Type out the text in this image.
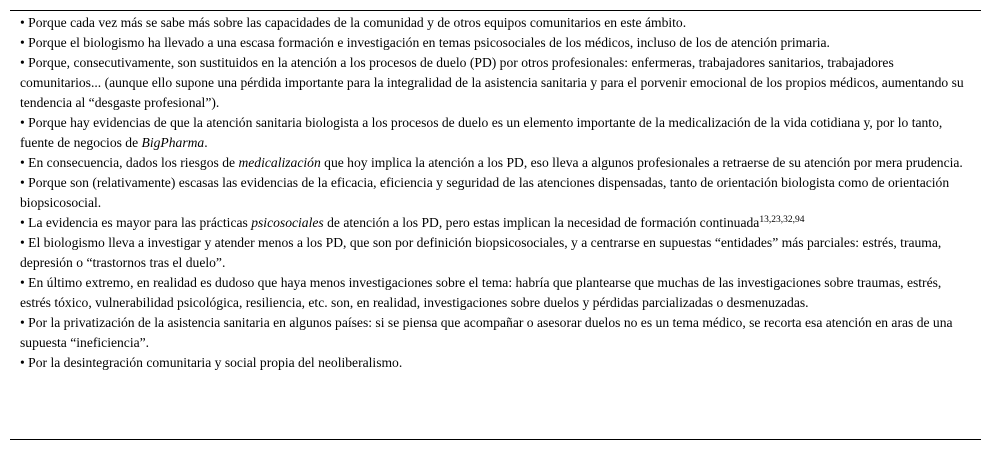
• Porque cada vez más se sabe más sobre las capacidades de la comunidad y de otros equipos comunitarios en este ámbito.

• Porque el biologismo ha llevado a una escasa formación e investigación en temas psicosociales de los médicos, incluso de los de atención primaria.

• Porque, consecutivamente, son sustituidos en la atención a los procesos de duelo (PD) por otros profesionales: enfermeras, trabajadores sanitarios, trabajadores comunitarios... (aunque ello supone una pérdida importante para la integralidad de la asistencia sanitaria y para el porvenir emocional de los propios médicos, aumentando su tendencia al “desgaste profesional”).

• Porque hay evidencias de que la atención sanitaria biologista a los procesos de duelo es un elemento importante de la medicalización de la vida cotidiana y, por lo tanto, fuente de negocios de BigPharma.

• En consecuencia, dados los riesgos de medicalización que hoy implica la atención a los PD, eso lleva a algunos profesionales a retraerse de su atención por mera prudencia.

• Porque son (relativamente) escasas las evidencias de la eficacia, eficiencia y seguridad de las atenciones dispensadas, tanto de orientación biologista como de orientación biopsicosocial.

• La evidencia es mayor para las prácticas psicosociales de atención a los PD, pero estas implican la necesidad de formación continuada$^{13,23,32,94}$

• El biologismo lleva a investigar y atender menos a los PD, que son por definición biopsicosociales, y a centrarse en supuestas “entidades” más parciales: estrés, trauma, depresión o “trastornos tras el duelo”.

• En último extremo, en realidad es dudoso que haya menos investigaciones sobre el tema: habría que plantearse que muchas de las investigaciones sobre traumas, estrés, estrés tóxico, vulnerabilidad psicológica, resiliencia, etc. son, en realidad, investigaciones sobre duelos y pérdidas parcializadas o desmenuzadas.

• Por la privatización de la asistencia sanitaria en algunos países: si se piensa que acompañar o asesorar duelos no es un tema médico, se recorta esa atención en aras de una supuesta “ineficiencia”.

• Por la desintegración comunitaria y social propia del neoliberalismo.
